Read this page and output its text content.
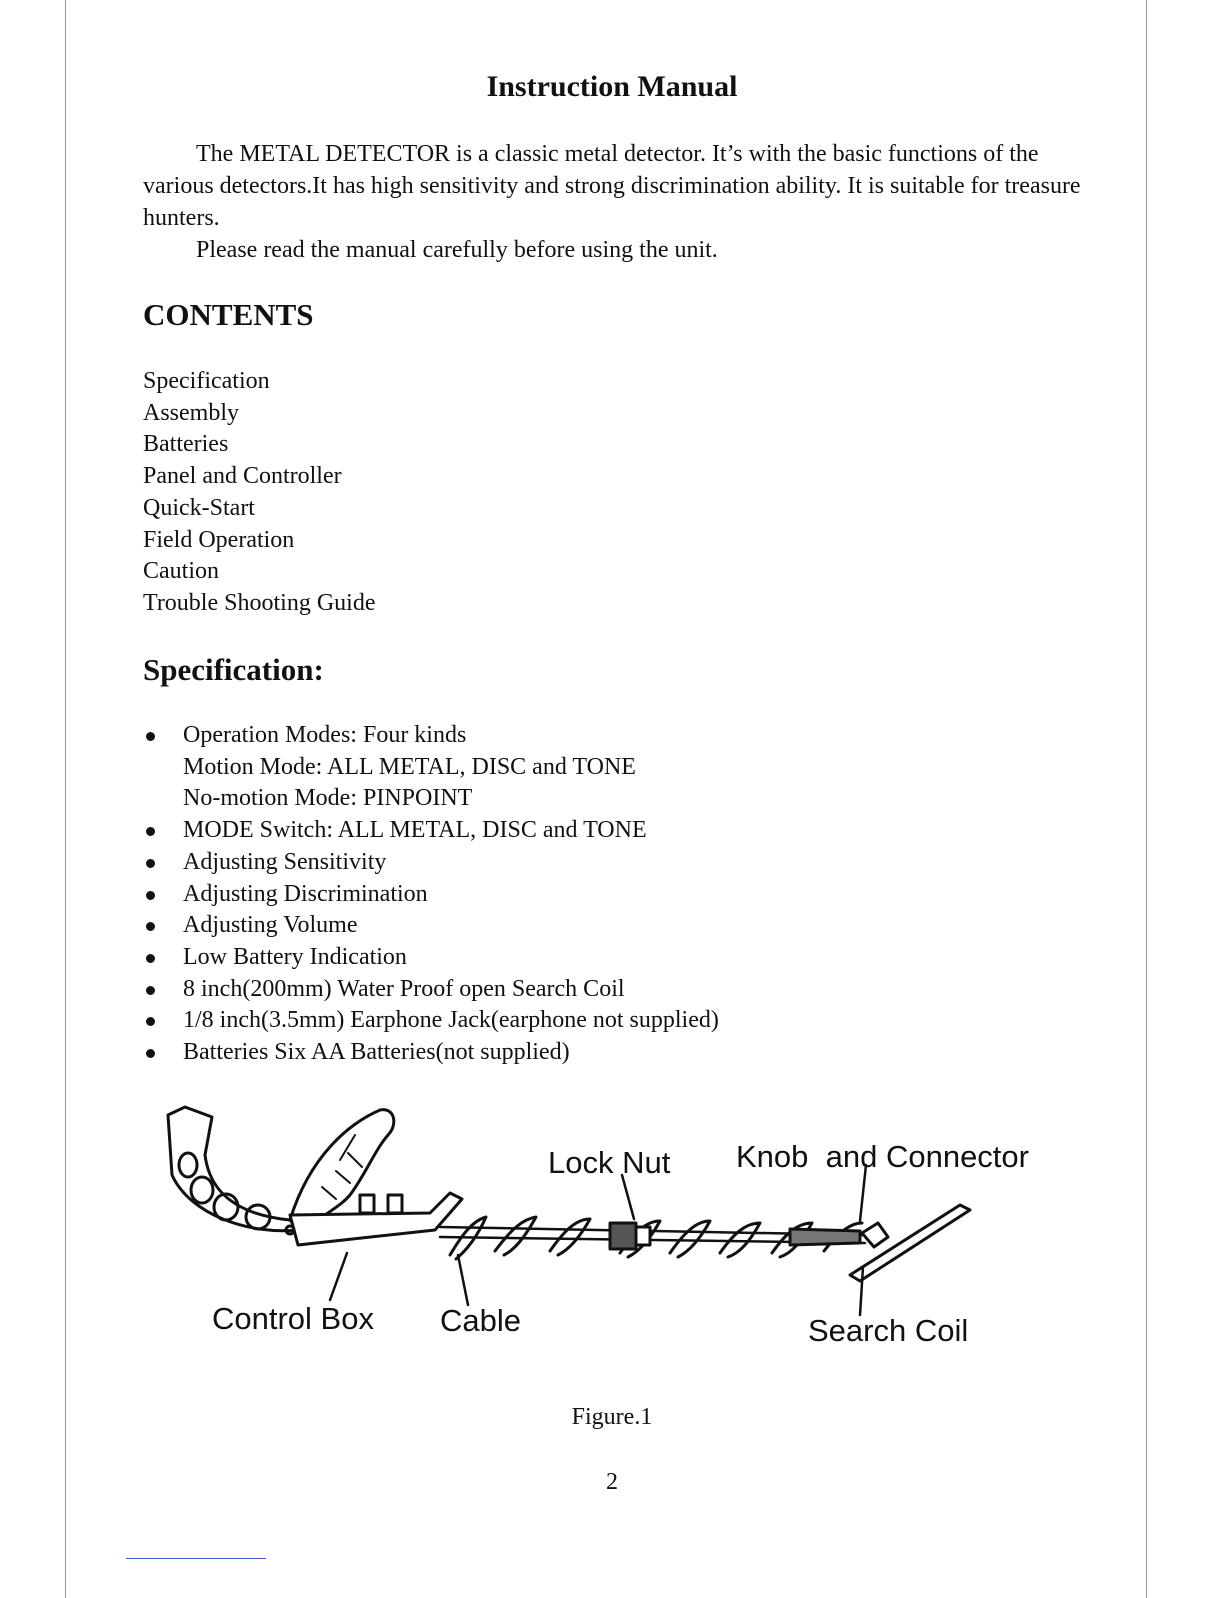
Instruction Manual

The METAL DETECTOR is a classic metal detector. It’s with the basic functions of the various detectors.It has high sensitivity and strong discrimination ability. It is suitable for treasure hunters.

Please read the manual carefully before using the unit.

CONTENTS
Specification
Assembly
Batteries
Panel and Controller
Quick-Start
Field Operation
Caution
Trouble Shooting Guide
Specification:
Operation Modes: Four kinds
Motion Mode: ALL METAL, DISC and TONE
No-motion Mode: PINPOINT
MODE Switch: ALL METAL, DISC and TONE
Adjusting Sensitivity
Adjusting Discrimination
Adjusting Volume
Low Battery Indication
8 inch(200mm) Water Proof open Search Coil
1/8 inch(3.5mm) Earphone Jack(earphone not supplied)
Batteries Six AA Batteries(not supplied)
Lock Nut Knob  and Connector
Control Box Cable	Search Coil
Figure.1
2
